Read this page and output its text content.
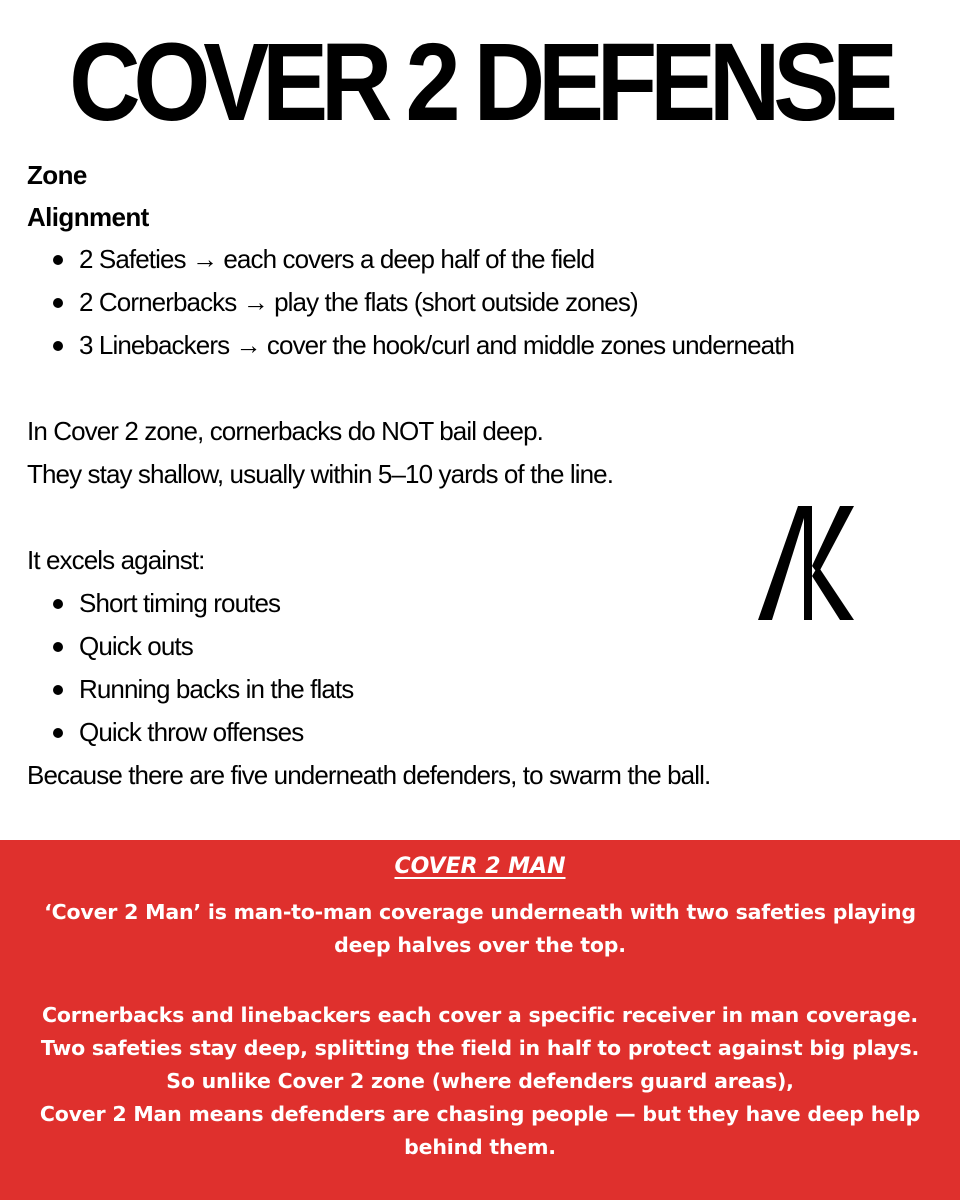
COVER 2 DEFENSE
Zone
Alignment
2 Safeties → each covers a deep half of the field
2 Cornerbacks → play the flats (short outside zones)
3 Linebackers → cover the hook/curl and middle zones underneath
In Cover 2 zone, cornerbacks do NOT bail deep.
They stay shallow, usually within 5–10 yards of the line.
It excels against:
Short timing routes
Quick outs
Running backs in the flats
Quick throw offenses
Because there are five underneath defenders, to swarm the ball.
COVER 2 MAN
‘Cover 2 Man’ is man-to-man coverage underneath with two safeties playing
deep halves over the top.
Cornerbacks and linebackers each cover a specific receiver in man coverage.
Two safeties stay deep, splitting the field in half to protect against big plays.
So unlike Cover 2 zone (where defenders guard areas),
Cover 2 Man means defenders are chasing people — but they have deep help
behind them.
